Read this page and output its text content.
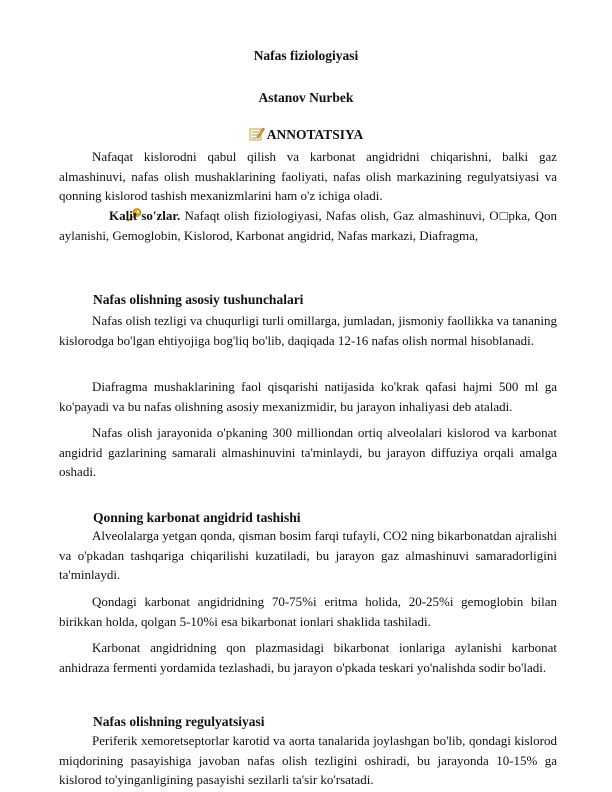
Nafas fiziologiyasi
Astanov Nurbek
ANNOTATSIYA

Nafaqat kislorodni qabul qilish va karbonat angidridni chiqarishni, balki gaz almashinuvi, nafas olish mushaklarining faoliyati, nafas olish markazining regulyatsiyasi va qonning kislorod tashish mexanizmlarini ham o'z ichiga oladi.

Kalit so'zlar. Nafaqt olish fiziologiyasi, Nafas olish, Gaz almashinuvi, O□pka, Qon aylanishi, Gemoglobin, Kislorod, Karbonat angidrid, Nafas markazi, Diafragma,

Nafas olishning asosiy tushunchalari

Nafas olish tezligi va chuqurligi turli omillarga, jumladan, jismoniy faollikka va tananing kislorodga bo'lgan ehtiyojiga bog'liq bo'lib, daqiqada 12-16 nafas olish normal hisoblanadi.

Diafragma mushaklarining faol qisqarishi natijasida ko'krak qafasi hajmi 500 ml ga ko'payadi va bu nafas olishning asosiy mexanizmidir, bu jarayon inhaliyasi deb ataladi.

Nafas olish jarayonida o'pkaning 300 milliondan ortiq alveolalari kislorod va karbonat angidrid gazlarining samarali almashinuvini ta'minlaydi, bu jarayon diffuziya orqali amalga oshadi.

Qonning karbonat angidrid tashishi

Alveolalarga yetgan qonda, qisman bosim farqi tufayli, CO2 ning bikarbonatdan ajralishi va o'pkadan tashqariga chiqarilishi kuzatiladi, bu jarayon gaz almashinuvi samaradorligini ta'minlaydi.

Qondagi karbonat angidridning 70-75%i eritma holida, 20-25%i gemoglobin bilan birikkan holda, qolgan 5-10%i esa bikarbonat ionlari shaklida tashiladi.

Karbonat angidridning qon plazmasidagi bikarbonat ionlariga aylanishi karbonat anhidraza fermenti yordamida tezlashadi, bu jarayon o'pkada teskari yo'nalishda sodir bo'ladi.

Nafas olishning regulyatsiyasi

Periferik xemoretseptorlar karotid va aorta tanalarida joylashgan bo'lib, qondagi kislorod miqdorining pasayishiga javoban nafas olish tezligini oshiradi, bu jarayonda 10-15% ga kislorod to'yinganligining pasayishi sezilarli ta'sir ko'rsatadi.
